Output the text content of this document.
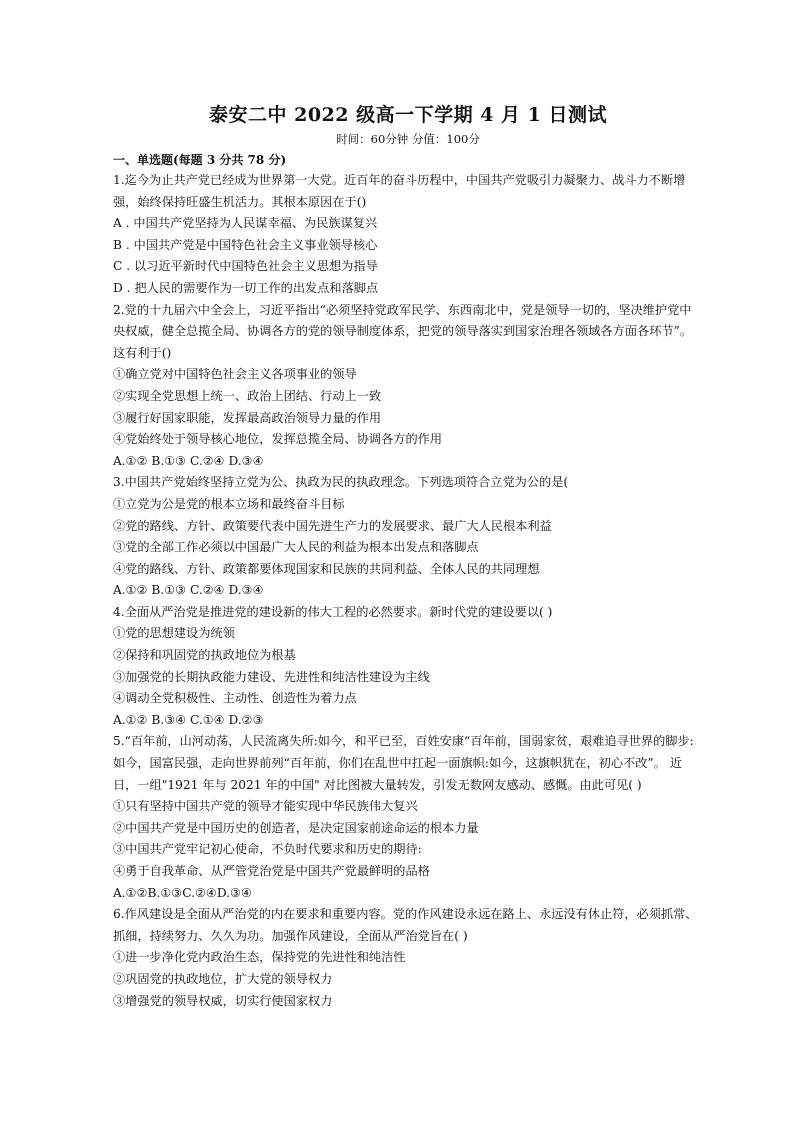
泰安二中 2022 级高一下学期 4 月 1 日测试

时间：60分钟 分值：100分

一、单选题(每题 3 分共 78 分)

1.迄今为止共产党已经成为世界第一大党。近百年的奋斗历程中，中国共产党吸引力凝聚力、战斗力不断增强，始终保持旺盛生机活力。其根本原因在于()

A . 中国共产党坚持为人民谋幸福、为民族谋复兴

B . 中国共产党是中国特色社会主义事业领导核心

C . 以习近平新时代中国特色社会主义思想为指导

D . 把人民的需要作为一切工作的出发点和落脚点

2.党的十九届六中全会上，习近平指出“必须坚持党政军民学、东西南北中，党是领导一切的，坚决维护党中央权威，健全总揽全局、协调各方的党的领导制度体系，把党的领导落实到国家治理各领域各方面各环节”。这有利于()

①确立党对中国特色社会主义各项事业的领导

②实现全党思想上统一、政治上团结、行动上一致

③履行好国家职能，发挥最高政治领导力量的作用

④党始终处于领导核心地位，发挥总揽全局、协调各方的作用

A.①② B.①③ C.②④ D.③④

3.中国共产党始终坚持立党为公、执政为民的执政理念。下列选项符合立党为公的是(

①立党为公是党的根本立场和最终奋斗目标

②党的路线、方针、政策要代表中国先进生产力的发展要求、最广大人民根本利益

③党的全部工作必须以中国最广大人民的利益为根本出发点和落脚点

④党的路线、方针、政策都要体现国家和民族的共同利益、全体人民的共同理想

A.①② B.①③ C.②④ D.③④

4.全面从严治党是推进党的建设新的伟大工程的必然要求。新时代党的建设要以( )

①党的思想建设为统领

②保持和巩固党的执政地位为根基

③加强党的长期执政能力建设、先进性和纯洁性建设为主线

④调动全党积极性、主动性、创造性为着力点

A.①② B.③④ C.①④ D.②③

5.“百年前，山河动荡，人民流离失所:如今，和平已至，百姓安康“百年前，国弱家贫，艰难追寻世界的脚步:如今，国富民强，走向世界前列“百年前，你们在乱世中扛起一面旗帜:如今，这旗帜犹在，初心不改”。 近日，一组"1921 年与 2021 年的中国" 对比图被大量转发，引发无数网友感动、感慨。由此可见( )

①只有坚持中国共产党的领导才能实现中华民族伟大复兴

②中国共产党是中国历史的创造者，是决定国家前途命运的根本力量

③中国共产党牢记初心使命，不负时代要求和历史的期待:

④勇于自我革命、从严管党治党是中国共产党最鲜明的品格

A.①②B.①③C.②④D.③④

6.作风建设是全面从严治党的内在要求和重要内容。党的作风建设永远在路上、永远没有休止符，必须抓常、抓细，持续努力、久久为功。加强作风建设，全面从严治党旨在( )

①进一步净化党内政治生态，保持党的先进性和纯洁性

②巩固党的执政地位，扩大党的领导权力

③增强党的领导权威，切实行使国家权力
